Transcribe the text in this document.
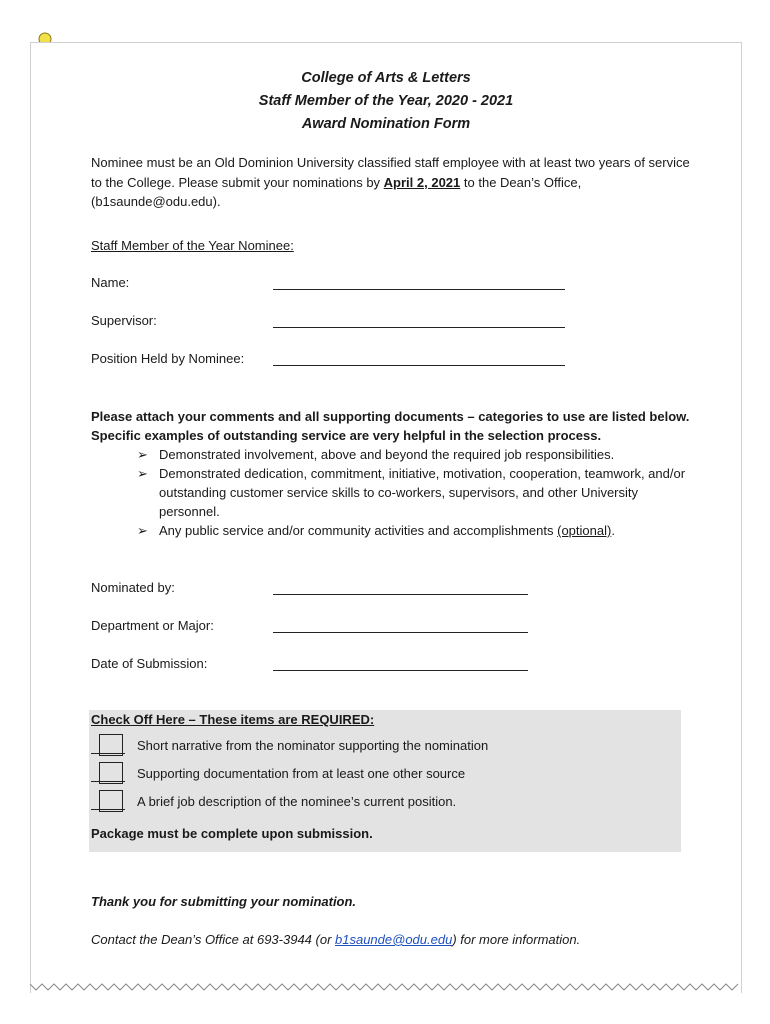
College of Arts & Letters
Staff Member of the Year, 2020 - 2021
Award Nomination Form
Nominee must be an Old Dominion University classified staff employee with at least two years of service to the College. Please submit your nominations by April 2, 2021 to the Dean’s Office, (b1saunde@odu.edu).
Staff Member of the Year Nominee:
Name:
Supervisor:
Position Held by Nominee:
Please attach your comments and all supporting documents – categories to use are listed below. Specific examples of outstanding service are very helpful in the selection process.
➢ Demonstrated involvement, above and beyond the required job responsibilities.
➢ Demonstrated dedication, commitment, initiative, motivation, cooperation, teamwork, and/or outstanding customer service skills to co-workers, supervisors, and other University personnel.
➢ Any public service and/or community activities and accomplishments (optional).
Nominated by:
Department or Major:
Date of Submission:
Check Off Here – These items are REQUIRED:
Short narrative from the nominator supporting the nomination
Supporting documentation from at least one other source
A brief job description of the nominee’s current position.
Package must be complete upon submission.
Thank you for submitting your nomination.
Contact the Dean’s Office at 693-3944 (or b1saunde@odu.edu) for more information.
